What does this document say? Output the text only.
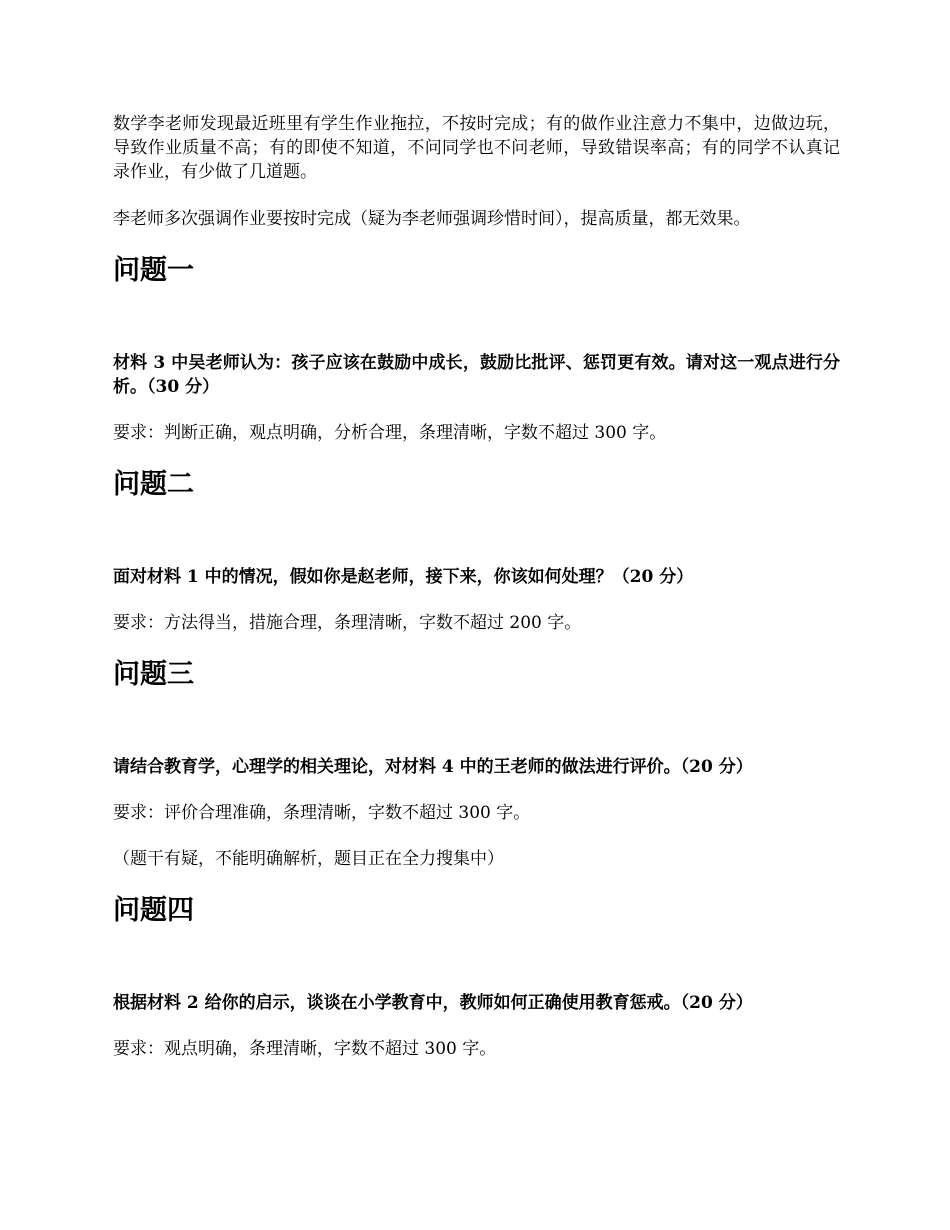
数学李老师发现最近班里有学生作业拖拉，不按时完成；有的做作业注意力不集中，边做边玩，导致作业质量不高；有的即使不知道，不问同学也不问老师，导致错误率高；有的同学不认真记录作业，有少做了几道题。

李老师多次强调作业要按时完成（疑为李老师强调珍惜时间），提高质量，都无效果。

问题一

材料 3 中吴老师认为：孩子应该在鼓励中成长，鼓励比批评、惩罚更有效。请对这一观点进行分析。（30 分）

要求：判断正确，观点明确，分析合理，条理清晰，字数不超过 300 字。

问题二

面对材料 1 中的情况，假如你是赵老师，接下来，你该如何处理？（20 分）

要求：方法得当，措施合理，条理清晰，字数不超过 200 字。

问题三

请结合教育学，心理学的相关理论，对材料 4 中的王老师的做法进行评价。（20 分）

要求：评价合理准确，条理清晰，字数不超过 300 字。

（题干有疑，不能明确解析，题目正在全力搜集中）

问题四

根据材料 2 给你的启示，谈谈在小学教育中，教师如何正确使用教育惩戒。（20 分）

要求：观点明确，条理清晰，字数不超过 300 字。
